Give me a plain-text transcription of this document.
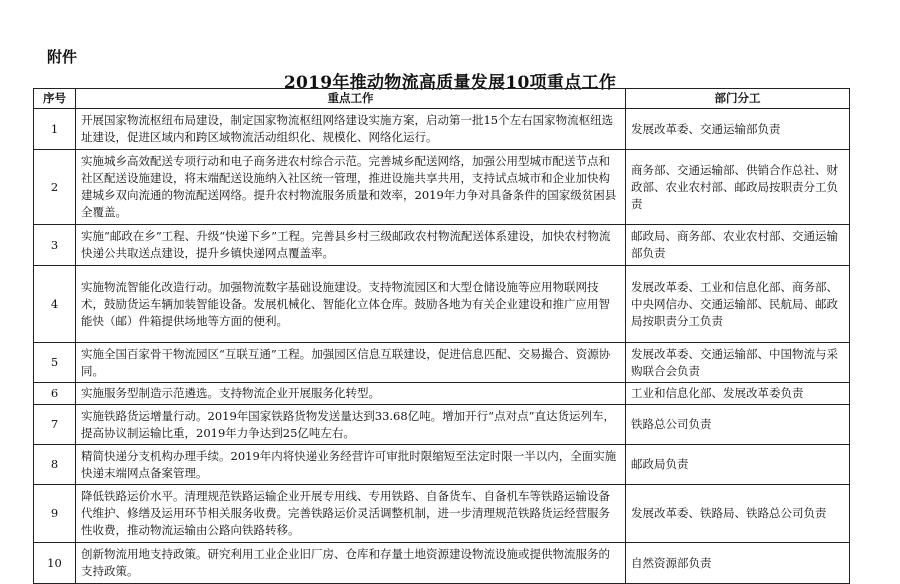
附件
2019年推动物流高质量发展10项重点工作
序号	重点工作	部门分工
1	开展国家物流枢纽布局建设，制定国家物流枢纽网络建设实施方案，启动第一批15个左右国家物流枢纽选址建设，促进区域内和跨区域物流活动组织化、规模化、网络化运行。	发展改革委、交通运输部负责
2	实施城乡高效配送专项行动和电子商务进农村综合示范。完善城乡配送网络，加强公用型城市配送节点和社区配送设施建设，将末端配送设施纳入社区统一管理，推进设施共享共用，支持试点城市和企业加快构建城乡双向流通的物流配送网络。提升农村物流服务质量和效率，2019年力争对具备条件的国家级贫困县全覆盖。	商务部、交通运输部、供销合作总社、财政部、农业农村部、邮政局按职责分工负责
3	实施“邮政在乡”工程、升级“快递下乡”工程。完善县乡村三级邮政农村物流配送体系建设，加快农村物流快递公共取送点建设，提升乡镇快递网点覆盖率。	邮政局、商务部、农业农村部、交通运输部负责
4	实施物流智能化改造行动。加强物流数字基础设施建设。支持物流园区和大型仓储设施等应用物联网技术，鼓励货运车辆加装智能设备。发展机械化、智能化立体仓库。鼓励各地为有关企业建设和推广应用智能快（邮）件箱提供场地等方面的便利。	发展改革委、工业和信息化部、商务部、中央网信办、交通运输部、民航局、邮政局按职责分工负责
5	实施全国百家骨干物流园区“互联互通”工程。加强园区信息互联建设，促进信息匹配、交易撮合、资源协同。	发展改革委、交通运输部、中国物流与采购联合会负责
6	实施服务型制造示范遴选。支持物流企业开展服务化转型。	工业和信息化部、发展改革委负责
7	实施铁路货运增量行动。2019年国家铁路货物发送量达到33.68亿吨。增加开行“点对点”直达货运列车，提高协议制运输比重，2019年力争达到25亿吨左右。	铁路总公司负责
8	精简快递分支机构办理手续。2019年内将快递业务经营许可审批时限缩短至法定时限一半以内，全面实施快递末端网点备案管理。	邮政局负责
9	降低铁路运价水平。清理规范铁路运输企业开展专用线、专用铁路、自备货车、自备机车等铁路运输设备代维护、修缮及运用环节相关服务收费。完善铁路运价灵活调整机制，进一步清理规范铁路货运经营服务性收费，推动物流运输由公路向铁路转移。	发展改革委、铁路局、铁路总公司负责
10	创新物流用地支持政策。研究利用工业企业旧厂房、仓库和存量土地资源建设物流设施或提供物流服务的支持政策。	自然资源部负责
